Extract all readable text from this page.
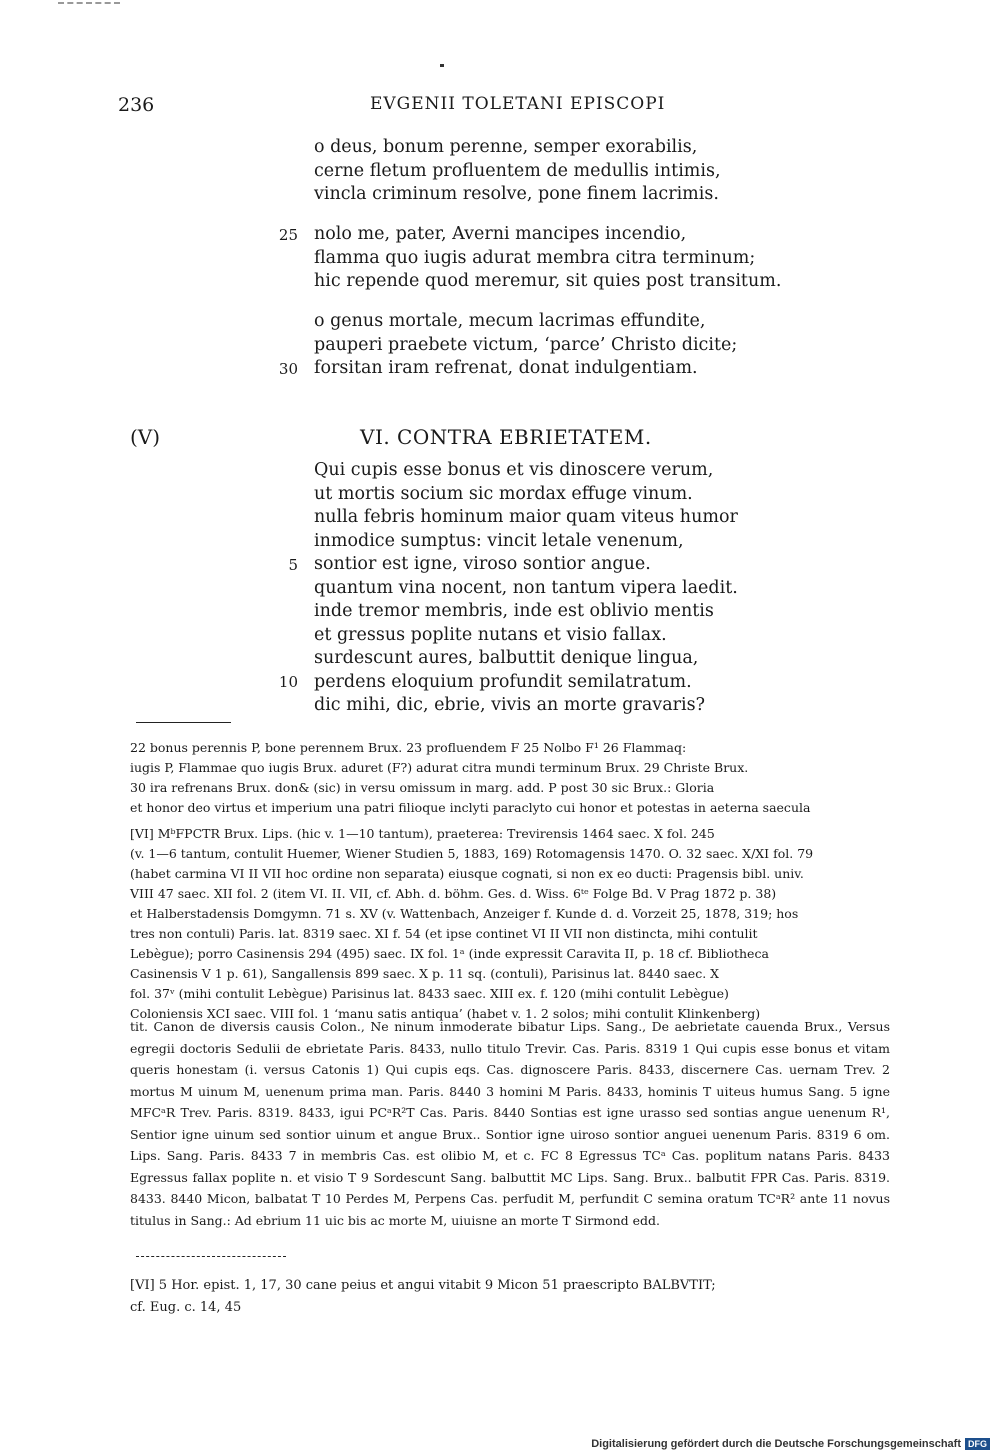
236	EVGENII TOLETANI EPISCOPI
o deus, bonum perenne, semper exorabilis,
cerne fletum profluentem de medullis intimis,
vincla criminum resolve, pone finem lacrimis.
25 nolo me, pater, Averni mancipes incendio,
flamma quo iugis adurat membra citra terminum;
hic repende quod meremur, sit quies post transitum.
o genus mortale, mecum lacrimas effundite,
pauperi praebete victum, ‘parce’ Christo dicite;
30 forsitan iram refrenat, donat indulgentiam.
(V)	VI. CONTRA EBRIETATEM.
Qui cupis esse bonus et vis dinoscere verum,
ut mortis socium sic mordax effuge vinum.
nulla febris hominum maior quam viteus humor
inmodice sumptus: vincit letale venenum,
5 sontior est igne, viroso sontior angue.
quantum vina nocent, non tantum vipera laedit.
inde tremor membris, inde est oblivio mentis
et gressus poplite nutans et visio fallax.
surdescunt aures, balbuttit denique lingua,
10 perdens eloquium profundit semilatratum.
dic mihi, dic, ebrie, vivis an morte gravaris?
22 bonus perennis P, bone perennem Brux. 23 profluendem F 25 Nolbo F¹ 26 Flammaq:
iugis P, Flammae quo iugis Brux. aduret (F?) adurat citra mundi terminum Brux. 29 Christe Brux.
30 ira refrenans Brux. don& (sic) in versu omissum in marg. add. P post 30 sic Brux.: Gloria
et honor deo virtus et imperium una patri filioque inclyti paraclyto cui honor et potestas in aeterna saecula
[VI] MᵇFPCTR Brux. Lips. (hic v. 1—10 tantum), praeterea: Trevirensis 1464 saec. X fol. 245
(v. 1—6 tantum, contulit Huemer, Wiener Studien 5, 1883, 169) Rotomagensis 1470. O. 32 saec. X/XI fol. 79
(habet carmina VI II VII hoc ordine non separata) eiusque cognati, si non ex eo ducti: Pragensis bibl. univ.
VIII 47 saec. XII fol. 2 (item VI. II. VII, cf. Abh. d. böhm. Ges. d. Wiss. 6ᵗᵉ Folge Bd. V Prag 1872 p. 38)
et Halberstadensis Domgymn. 71 s. XV (v. Wattenbach, Anzeiger f. Kunde d. d. Vorzeit 25, 1878, 319; hos
tres non contuli) Paris. lat. 8319 saec. XI f. 54 (et ipse continet VI II VII non distincta, mihi contulit
Lebègue); porro Casinensis 294 (495) saec. IX fol. 1ᵃ (inde expressit Caravita II, p. 18 cf. Bibliotheca
Casinensis V 1 p. 61), Sangallensis 899 saec. X p. 11 sq. (contuli), Parisinus lat. 8440 saec. X
fol. 37ᵛ (mihi contulit Lebègue) Parisinus lat. 8433 saec. XIII ex. f. 120 (mihi contulit Lebègue)
Coloniensis XCI saec. VIII fol. 1 ‘manu satis antiqua’ (habet v. 1. 2 solos; mihi contulit Klinkenberg)
tit. Canon de diversis causis Colon., Ne ninum inmoderate bibatur Lips. Sang., De aebrietate cauenda Brux., Versus egregii doctoris Sedulii de ebrietate Paris. 8433, nullo titulo Trevir. Cas. Paris. 8319 1 Qui cupis esse bonus et vitam queris honestam (i. versus Catonis 1) Qui cupis eqs. Cas. dignoscere Paris. 8433, discernere Cas. uernam Trev. 2 mortus M uinum M, uenenum prima man. Paris. 8440 3 homini M Paris. 8433, hominis T uiteus humus Sang. 5 igne MFCᵃR Trev. Paris. 8319. 8433, igui PCᵃR²T Cas. Paris. 8440 Sontias est igne urasso sed sontias angue uenenum R¹, Sentior igne uinum sed sontior uinum et angue Brux.. Sontior igne uiroso sontior anguei uenenum Paris. 8319 6 om. Lips. Sang. Paris. 8433 7 in membris Cas. est olibio M, et c. FC 8 Egressus TCᵃ Cas. poplitum natans Paris. 8433 Egressus fallax poplite n. et visio T 9 Sordescunt Sang. balbuttit MC Lips. Sang. Brux.. balbutit FPR Cas. Paris. 8319. 8433. 8440 Micon, balbatat T 10 Perdes M, Perpens Cas. perfudit M, perfundit C semina oratum TCᵃR² ante 11 novus titulus in Sang.: Ad ebrium 11 uic bis ac morte M, uiuisne an morte T Sirmond edd.
[VI] 5 Hor. epist. 1, 17, 30 cane peius et angui vitabit 9 Micon 51 praescripto BALBVTIT;
cf. Eug. c. 14, 45
Digitalisierung gefördert durch die Deutsche Forschungsgemeinschaft DFG
